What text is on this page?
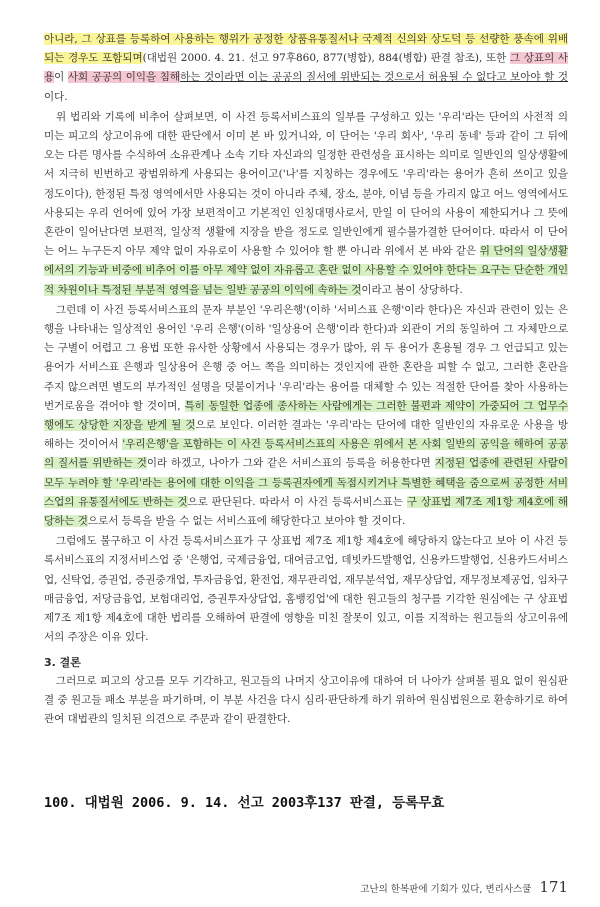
아니라, 그 상표를 등록하여 사용하는 행위가 공정한 상품유통질서나 국제적 신의와 상도덕 등 선량한 풍속에 위배되는 경우도 포함되며(대법원 2000. 4. 21. 선고 97후860, 877(병합), 884(병합) 판결 참조), 또한 그 상표의 사용이 사회 공공의 이익을 침해하는 것이라면 이는 공공의 질서에 위반되는 것으로서 허용될 수 없다고 보아야 할 것이다.

위 법리와 기록에 비추어 살펴보면, 이 사건 등록서비스표의 일부를 구성하고 있는 '우리'라는 단어의 사전적 의미는 피고의 상고이유에 대한 판단에서 이미 본 바 있거니와, 이 단어는 '우리 회사', '우리 동네' 등과 같이 그 뒤에 오는 다른 명사를 수식하여 소유관계나 소속 기타 자신과의 일정한 관련성을 표시하는 의미로 일반인의 일상생활에서 지극히 빈번하고 광범위하게 사용되는 용어이고('나'를 지칭하는 경우에도 '우리'라는 용어가 흔히 쓰이고 있을 정도이다), 한정된 특정 영역에서만 사용되는 것이 아니라 주체, 장소, 분야, 이념 등을 가리지 않고 어느 영역에서도 사용되는 우리 언어에 있어 가장 보편적이고 기본적인 인칭대명사로서, 만일 이 단어의 사용이 제한되거나 그 뜻에 혼란이 일어난다면 보편적, 일상적 생활에 지장을 받을 정도로 일반인에게 필수불가결한 단어이다. 따라서 이 단어는 어느 누구든지 아무 제약 없이 자유로이 사용할 수 있어야 할 뿐 아니라 위에서 본 바와 같은 위 단어의 일상생활에서의 기능과 비중에 비추어 이를 아무 제약 없이 자유롭고 혼란 없이 사용할 수 있어야 한다는 요구는 단순한 개인적 차원이나 특정된 부분적 영역을 넘는 일반 공공의 이익에 속하는 것이라고 봄이 상당하다.

그런데 이 사건 등록서비스표의 문자 부분인 '우리은행'(이하 '서비스표 은행'이라 한다)은 자신과 관련이 있는 은행을 나타내는 일상적인 용어인 '우리 은행'(이하 '일상용어 은행'이라 한다)과 외관이 거의 동일하여 그 자체만으로는 구별이 어렵고 그 용법 또한 유사한 상황에서 사용되는 경우가 많아, 위 두 용어가 혼용될 경우 그 언급되고 있는 용어가 서비스표 은행과 일상용어 은행 중 어느 쪽을 의미하는 것인지에 관한 혼란을 피할 수 없고, 그러한 혼란을 주지 않으려면 별도의 부가적인 설명을 덧붙이거나 '우리'라는 용어를 대체할 수 있는 적절한 단어를 찾아 사용하는 번거로움을 겪어야 할 것이며, 특히 동일한 업종에 종사하는 사람에게는 그러한 불편과 제약이 가중되어 그 업무수행에도 상당한 지장을 받게 될 것으로 보인다. 이러한 결과는 '우리'라는 단어에 대한 일반인의 자유로운 사용을 방해하는 것이어서 '우리은행'을 포함하는 이 사건 등록서비스표의 사용은 위에서 본 사회 일반의 공익을 해하여 공공의 질서를 위반하는 것이라 하겠고, 나아가 그와 같은 서비스표의 등록을 허용한다면 지정된 업종에 관련된 사람이 모두 누려야 할 '우리'라는 용어에 대한 이익을 그 등록권자에게 독점시키거나 특별한 혜택을 줌으로써 공정한 서비스업의 유통질서에도 반하는 것으로 판단된다. 따라서 이 사건 등록서비스표는 구 상표법 제7조 제1항 제4호에 해당하는 것으로서 등록을 받을 수 없는 서비스표에 해당한다고 보아야 할 것이다.

그럼에도 불구하고 이 사건 등록서비스표가 구 상표법 제7조 제1항 제4호에 해당하지 않는다고 보아 이 사건 등록서비스표의 지정서비스업 중 '은행업, 국제금융업, 대여금고업, 데빗카드발행업, 신용카드발행업, 신용카드서비스업, 신탁업, 증권업, 증권중개업, 투자금융업, 환전업, 재무관리업, 재무분석업, 재무상담업, 재무정보제공업, 임차구매금융업, 저당금융업, 보험대리업, 증권투자상담업, 홈뱅킹업'에 대한 원고들의 청구를 기각한 원심에는 구 상표법 제7조 제1항 제4호에 대한 법리를 오해하여 판결에 영향을 미친 잘못이 있고, 이를 지적하는 원고들의 상고이유에서의 주장은 이유 있다.

3. 결론

그러므로 피고의 상고를 모두 기각하고, 원고들의 나머지 상고이유에 대하여 더 나아가 살펴볼 필요 없이 원심판결 중 원고들 패소 부분을 파기하며, 이 부분 사건을 다시 심리·판단하게 하기 위하여 원심법원으로 환송하기로 하여 관여 대법관의 일치된 의견으로 주문과 같이 판결한다.

100. 대법원 2006. 9. 14. 선고 2003후137 판결, 등록무효
고난의 한복판에 기회가 있다, 변리사스쿨 171
